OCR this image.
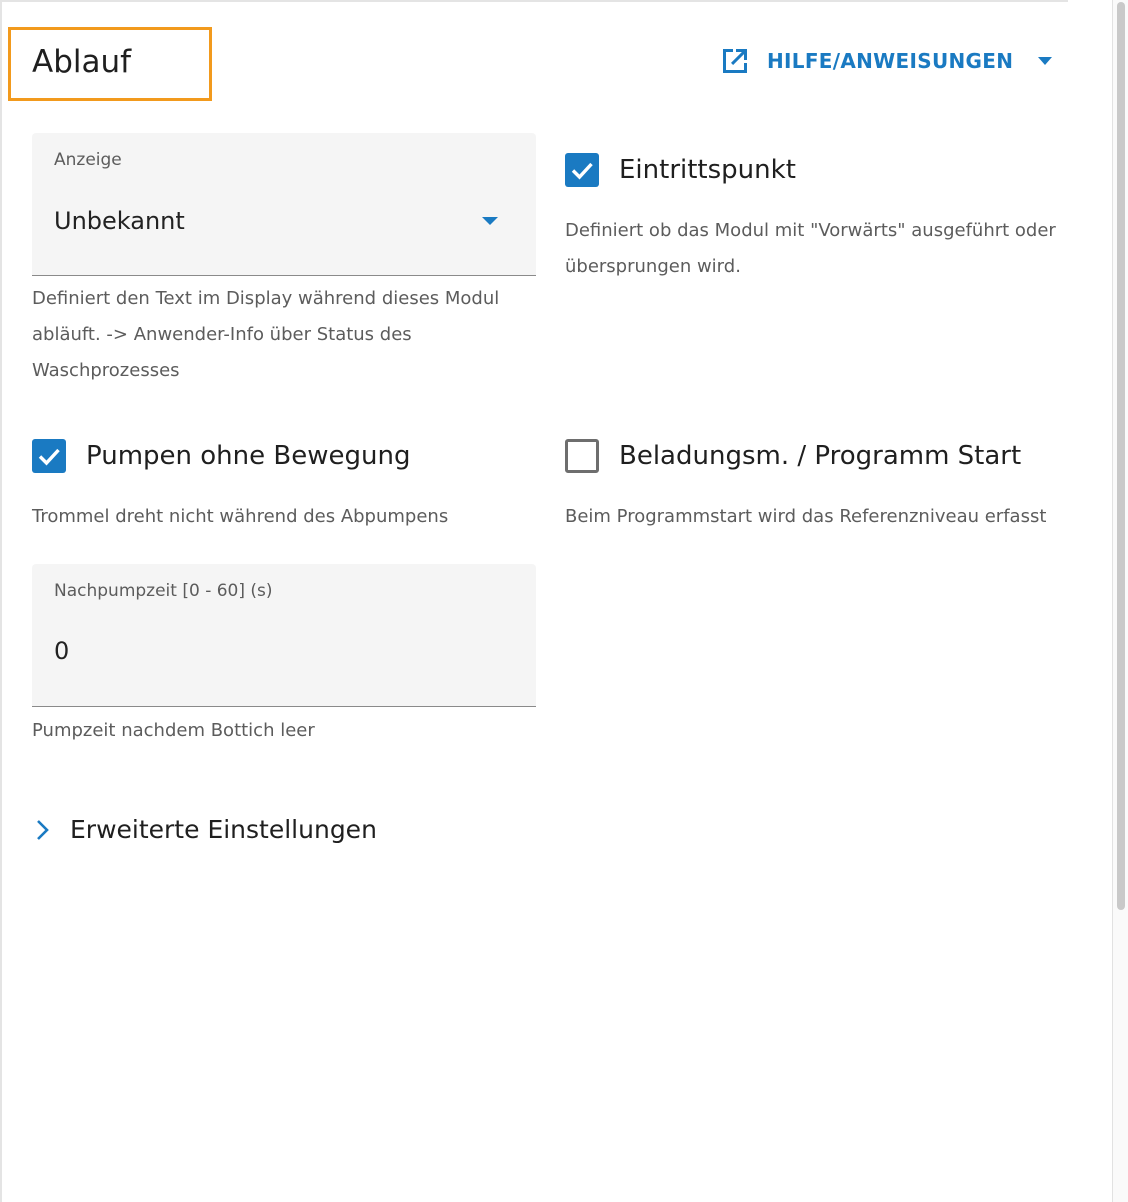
Ablauf	HILFE/ANWEISUNGEN
Anzeige
Unbekannt

Definiert den Text im Display während dieses Modul

abläuft. -> Anwender-Info über Status des

Waschprozesses

Eintrittspunkt

Definiert ob das Modul mit "Vorwärts" ausgeführt oder

übersprungen wird.

Pumpen ohne Bewegung

Trommel dreht nicht während des Abpumpens

Beladungsm. / Programm Start

Beim Programmstart wird das Referenzniveau erfasst

Nachpumpzeit [0 - 60] (s)
0

Pumpzeit nachdem Bottich leer

Erweiterte Einstellungen
